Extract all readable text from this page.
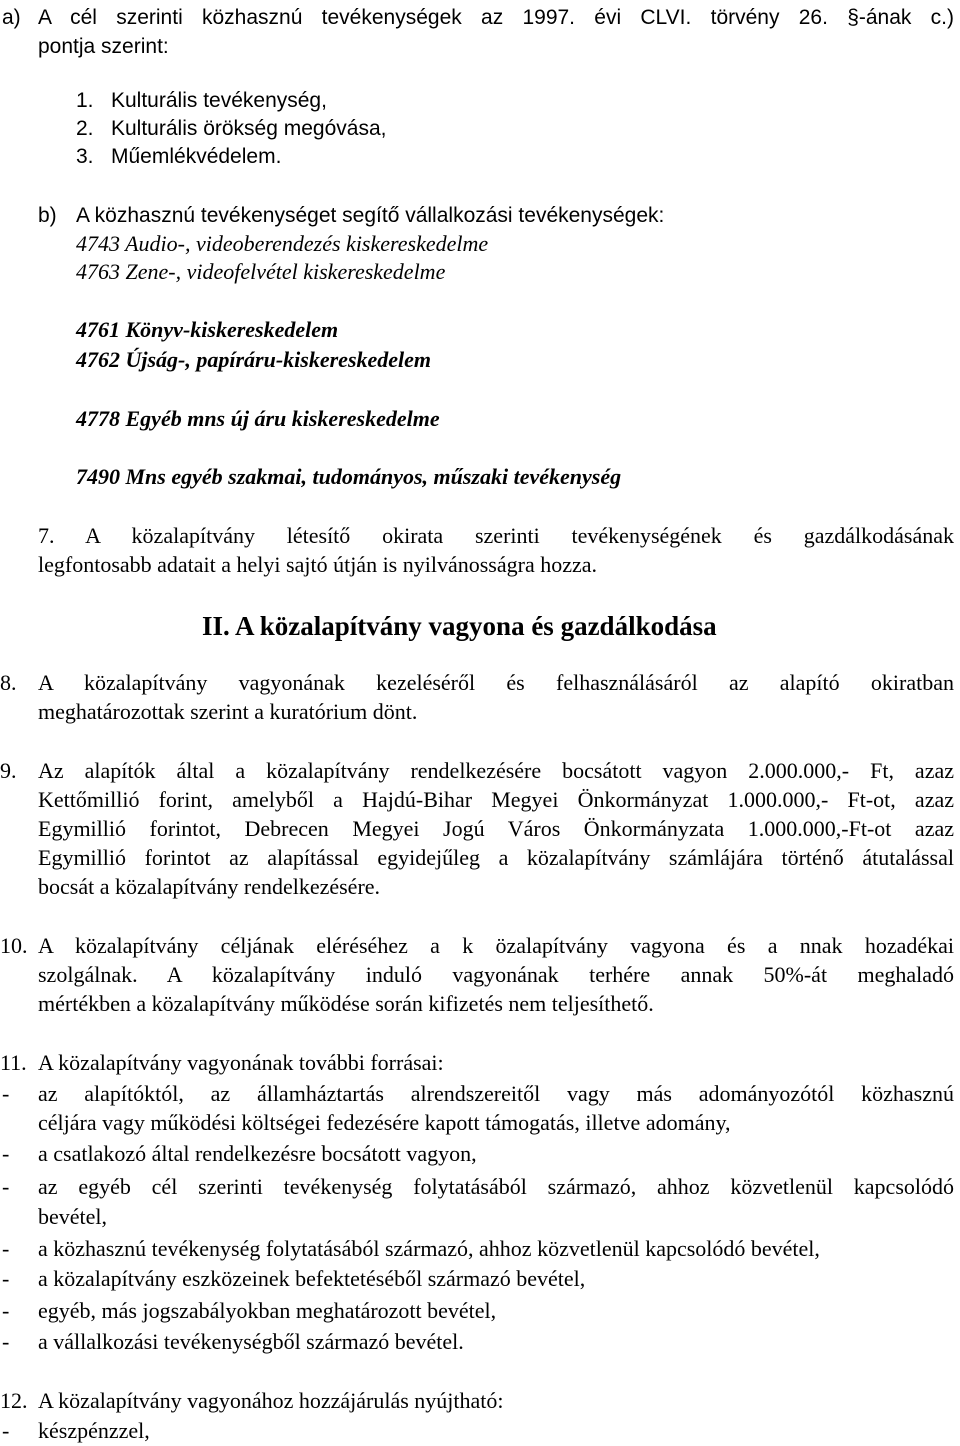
a) A cél szerinti közhasznú tevékenységek az 1997. évi CLVI. törvény 26. §-ának c.)
pontja szerint:
1. Kulturális tevékenység,
2. Kulturális örökség megóvása,
3. Műemlékvédelem.
b) A közhasznú tevékenységet segítő vállalkozási tevékenységek:
4743 Audio-, videoberendezés kiskereskedelme
4763 Zene-, videofelvétel kiskereskedelme
4761 Könyv-kiskereskedelem
4762 Újság-, papíráru-kiskereskedelem
4778 Egyéb mns új áru kiskereskedelme
7490 Mns egyéb szakmai, tudományos, műszaki tevékenység
7. A közalapítvány létesítő okirata szerinti tevékenységének és gazdálkodásának
legfontosabb adatait a helyi sajtó útján is nyilvánosságra hozza.
II. A közalapítvány vagyona és gazdálkodása
8. A közalapítvány vagyonának kezeléséről és felhasználásáról az alapító okiratban
meghatározottak szerint a kuratórium dönt.
9. Az alapítók által a közalapítvány rendelkezésére bocsátott vagyon 2.000.000,- Ft, azaz
Kettőmillió forint, amelyből a Hajdú-Bihar Megyei Önkormányzat 1.000.000,- Ft-ot, azaz
Egymillió forintot, Debrecen Megyei Jogú Város Önkormányzata 1.000.000,-Ft-ot azaz
Egymillió forintot az alapítással egyidejűleg a közalapítvány számlájára történő átutalással
bocsát a közalapítvány rendelkezésére.
10. A közalapítvány céljának eléréséhez a k özalapítvány vagyona és a nnak hozadékai
szolgálnak. A közalapítvány induló vagyonának terhére annak 50%-át meghaladó
mértékben a közalapítvány működése során kifizetés nem teljesíthető.
11. A közalapítvány vagyonának további forrásai:
- az alapítóktól, az államháztartás alrendszereitől vagy más adományozótól közhasznú
céljára vagy működési költségei fedezésére kapott támogatás, illetve adomány,
- a csatlakozó által rendelkezésre bocsátott vagyon,
- az egyéb cél szerinti tevékenység folytatásából származó, ahhoz közvetlenül kapcsolódó
bevétel,
- a közhasznú tevékenység folytatásából származó, ahhoz közvetlenül kapcsolódó bevétel,
- a közalapítvány eszközeinek befektetéséből származó bevétel,
- egyéb, más jogszabályokban meghatározott bevétel,
- a vállalkozási tevékenységből származó bevétel.
12. A közalapítvány vagyonához hozzájárulás nyújtható:
- készpénzzel,
